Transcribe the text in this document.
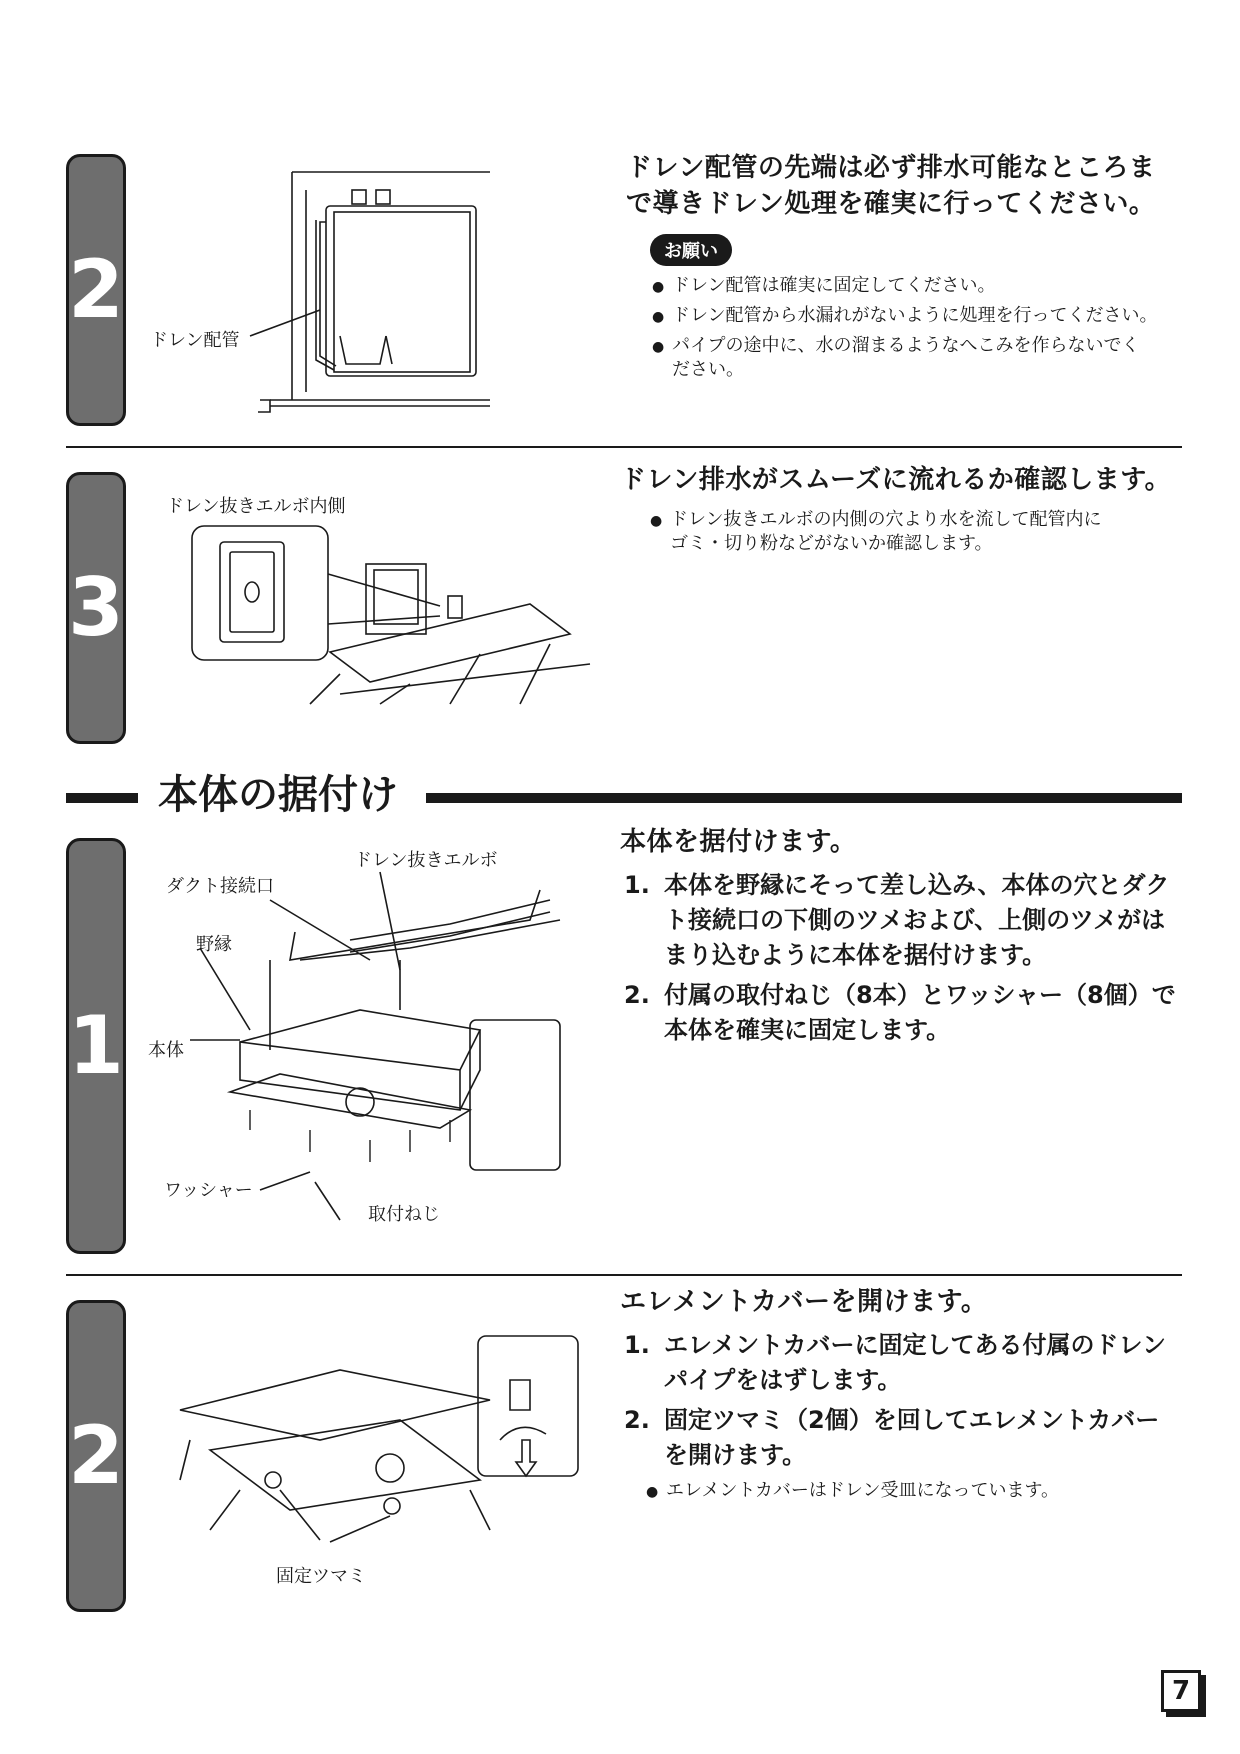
2
3
1
2
ドレン配管の先端は必ず排水可能なところま
で導きドレン処理を確実に行ってください。
お願い
● ドレン配管は確実に固定してください。
● ドレン配管から水漏れがないように処理を行ってください。
● パイプの途中に、水の溜まるようなへこみを作らないでく
ださい。
ドレン配管
ドレン排水がスムーズに流れるか確認します。
● ドレン抜きエルボの内側の穴より水を流して配管内に
ゴミ・切り粉などがないか確認します。
ドレン抜きエルボ内側
本体の据付け
本体を据付けます。
1. 本体を野縁にそって差し込み、本体の穴とダク
ト接続口の下側のツメおよび、上側のツメがは
まり込むように本体を据付けます。
2. 付属の取付ねじ（8本）とワッシャー（8個）で
本体を確実に固定します。
ドレン抜きエルボ
ダクト接続口
野縁
本体
ワッシャー
取付ねじ
エレメントカバーを開けます。
1. エレメントカバーに固定してある付属のドレン
パイプをはずします。
2. 固定ツマミ（2個）を回してエレメントカバー
を開けます。
● エレメントカバーはドレン受皿になっています。
固定ツマミ
7
